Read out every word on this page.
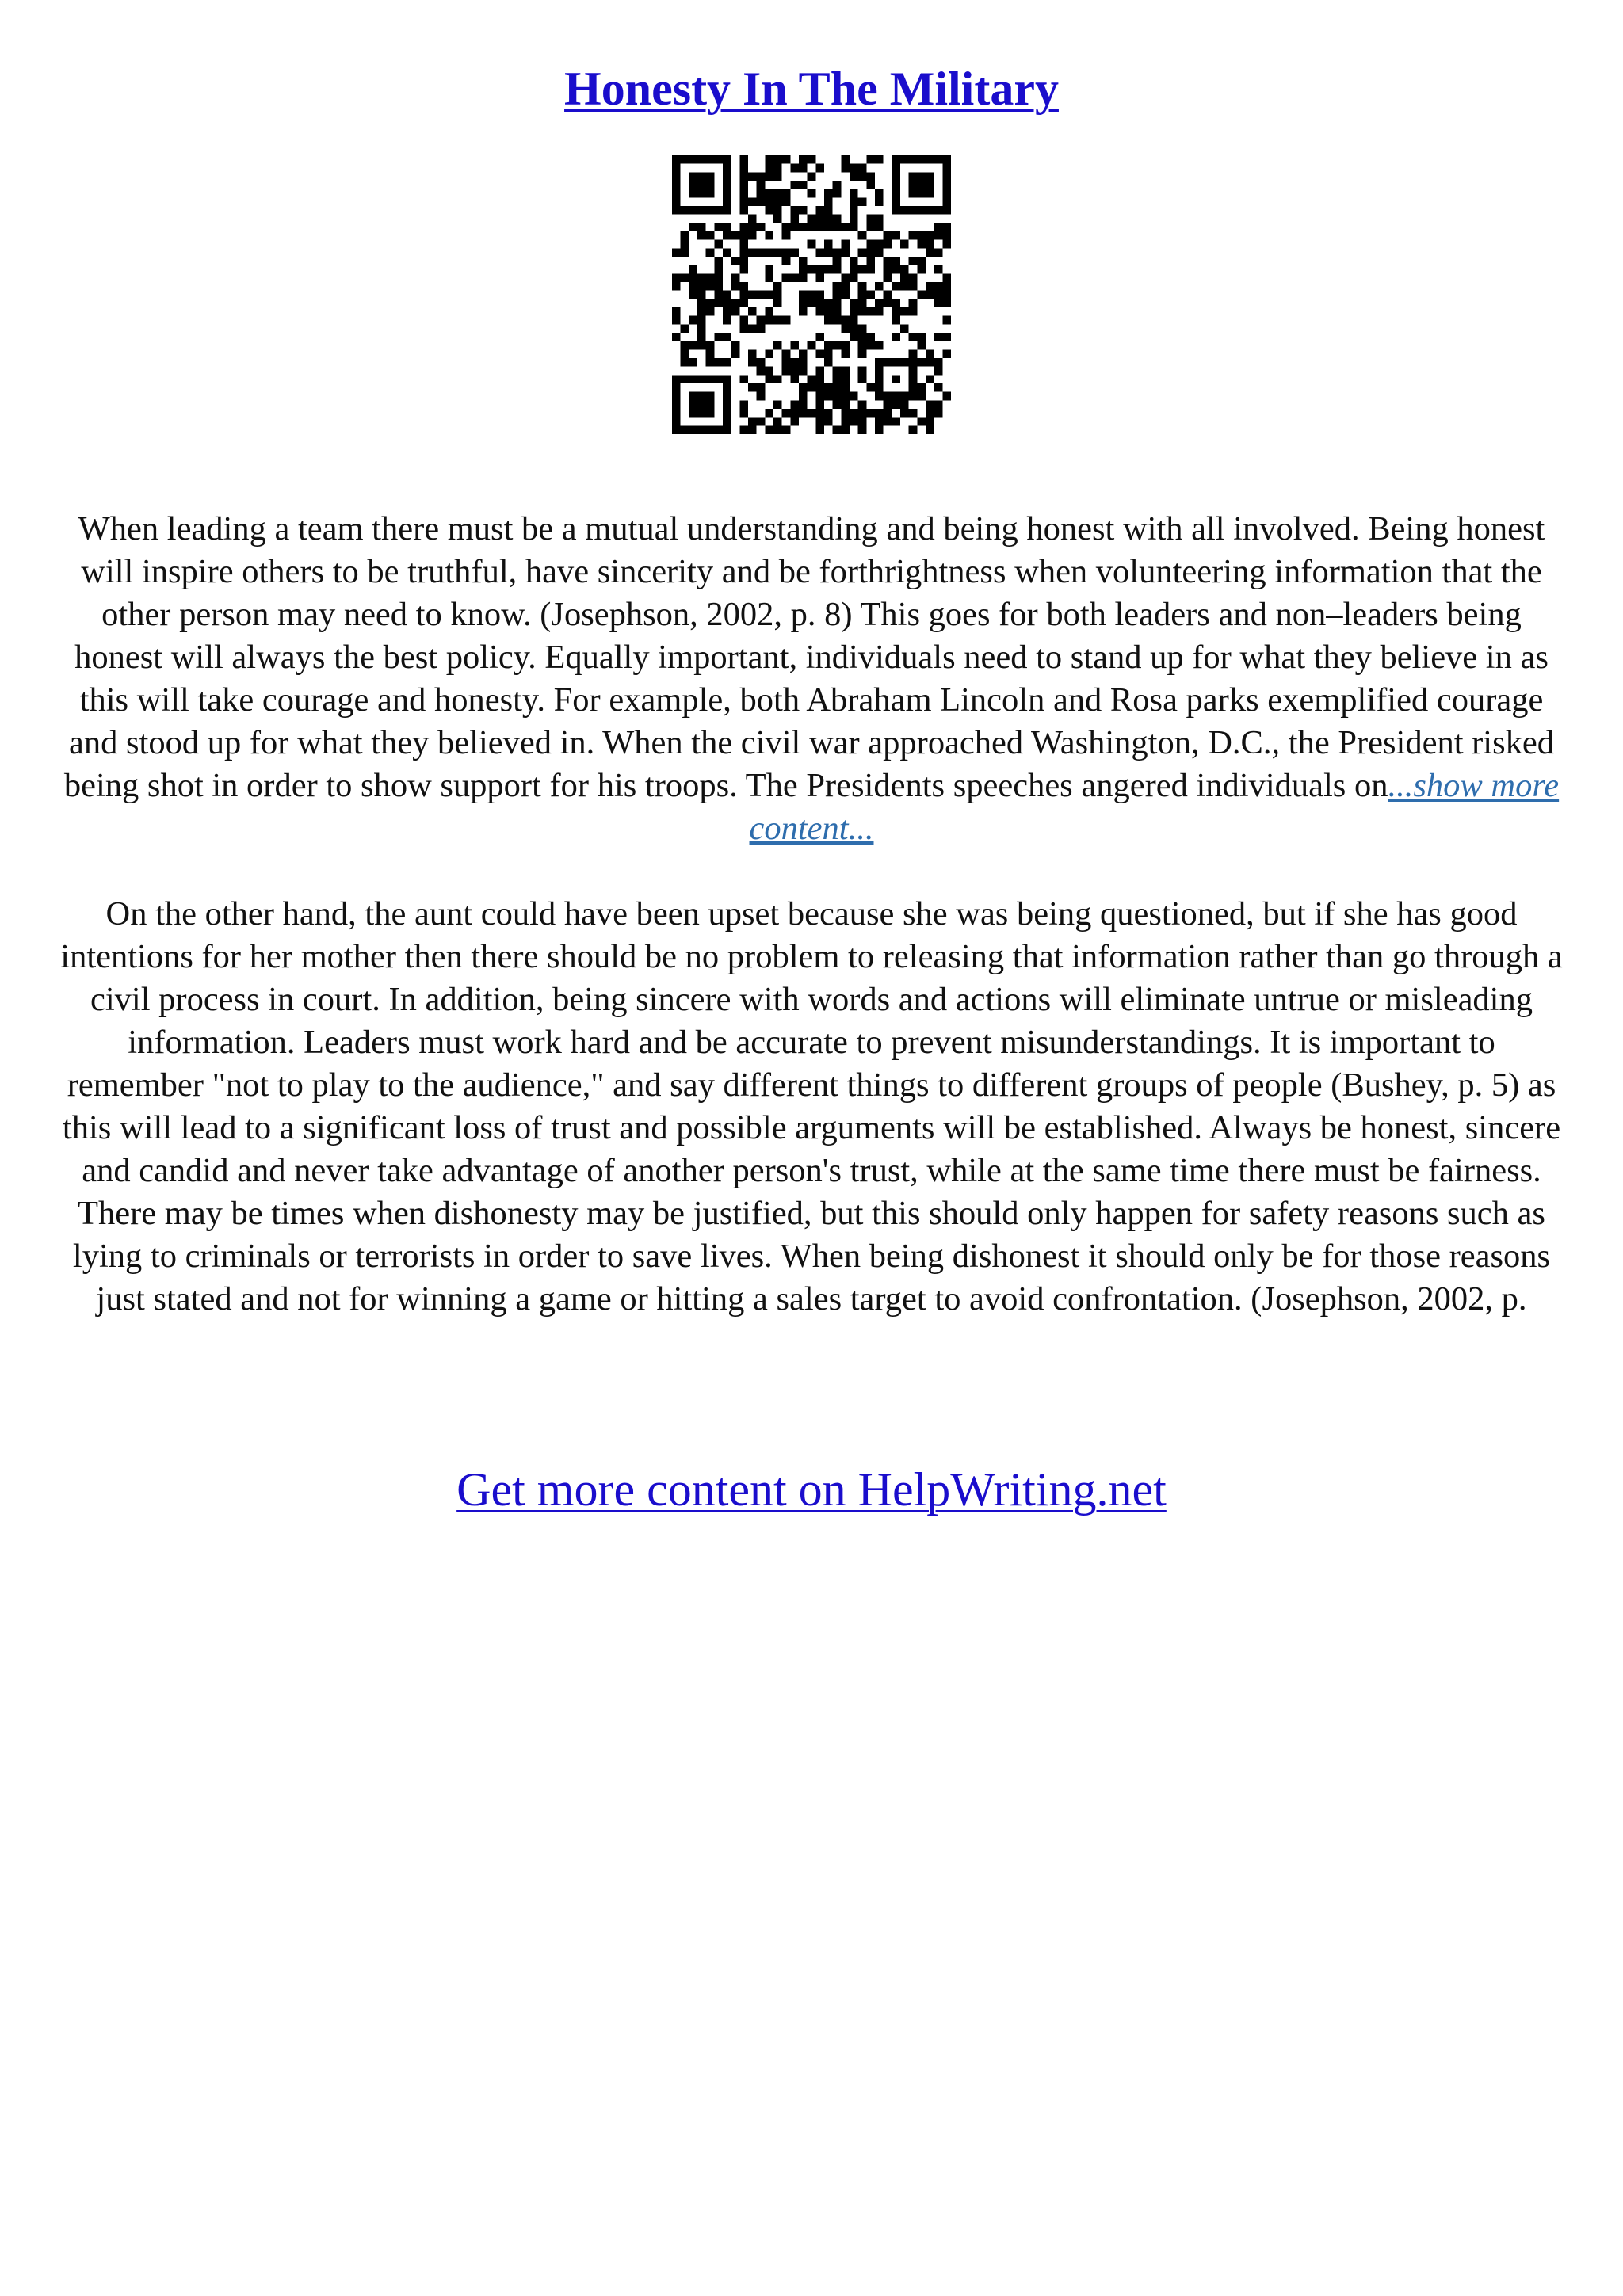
Honesty In The Military
When leading a team there must be a mutual understanding and being honest with all involved. Being honest will inspire others to be truthful, have sincerity and be forthrightness when volunteering information that the other person may need to know. (Josephson, 2002, p. 8) This goes for both leaders and non–leaders being honest will always the best policy. Equally important, individuals need to stand up for what they believe in as this will take courage and honesty. For example, both Abraham Lincoln and Rosa parks exemplified courage and stood up for what they believed in. When the civil war approached Washington, D.C., the President risked being shot in order to show support for his troops. The Presidents speeches angered individuals on...show more content...
On the other hand, the aunt could have been upset because she was being questioned, but if she has good intentions for her mother then there should be no problem to releasing that information rather than go through a civil process in court. In addition, being sincere with words and actions will eliminate untrue or misleading information. Leaders must work hard and be accurate to prevent misunderstandings. It is important to remember "not to play to the audience," and say different things to different groups of people (Bushey, p. 5) as this will lead to a significant loss of trust and possible arguments will be established. Always be honest, sincere and candid and never take advantage of another person's trust, while at the same time there must be fairness. There may be times when dishonesty may be justified, but this should only happen for safety reasons such as lying to criminals or terrorists in order to save lives. When being dishonest it should only be for those reasons just stated and not for winning a game or hitting a sales target to avoid confrontation. (Josephson, 2002, p.
Get more content on HelpWriting.net
